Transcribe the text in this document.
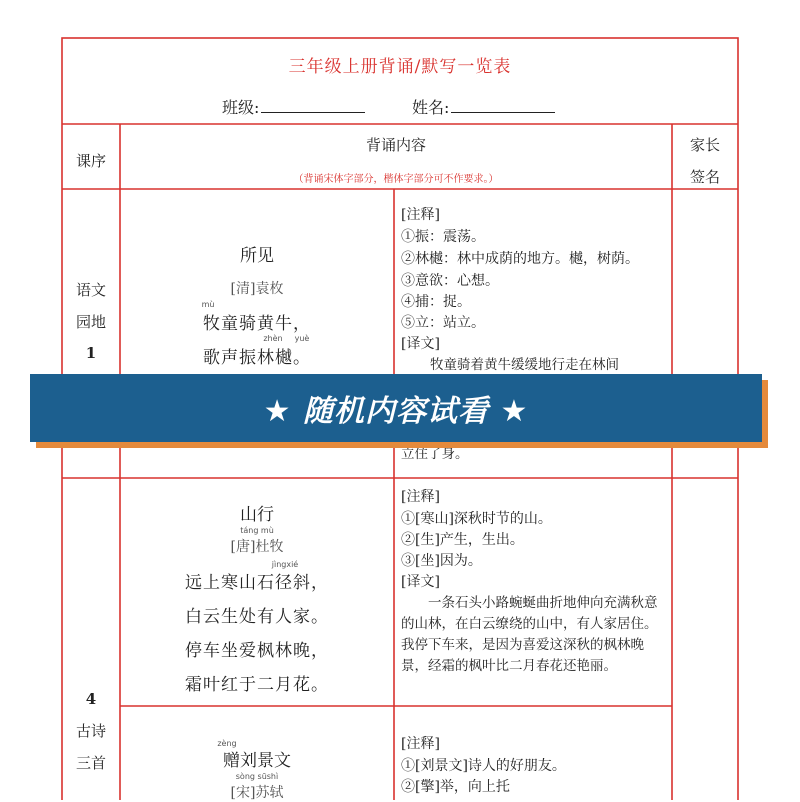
三年级上册背诵/默写一览表
班级:	姓名:
课序
背诵内容
（背诵宋体字部分，楷体字部分可不作要求。）
家长
签名
语文
园地
1
所见
[清]袁枚
mù
牧童骑黄牛，
zhèn	yuè
歌声振林樾。
[注释]
①振：震荡。
②林樾：林中成荫的地方。樾，树荫。
③意欲：心想。
④捕：捉。
⑤立：站立。
[译文]
牧童骑着黄牛缓缓地行走在林间
立住了身。
4
古诗
三首
山行
táng mù
[唐]杜牧
jìngxié
远上寒山石径斜，
白云生处有人家。
停车坐爱枫林晚，
霜叶红于二月花。
[注释]
①[寒山]深秋时节的山。
②[生]产生，生出。
③[坐]因为。
[译文]
　　一条石头小路蜿蜒曲折地伸向充满秋意的山林，在白云缭绕的山中，有人家居住。我停下车来，是因为喜爱这深秋的枫林晚景，经霜的枫叶比二月春花还艳丽。
zèng
赠刘景文
sòng sūshì
[宋]苏轼
[注释]
①[刘景文]诗人的好朋友。
②[擎]举，向上托
★ 随机内容试看 ★
